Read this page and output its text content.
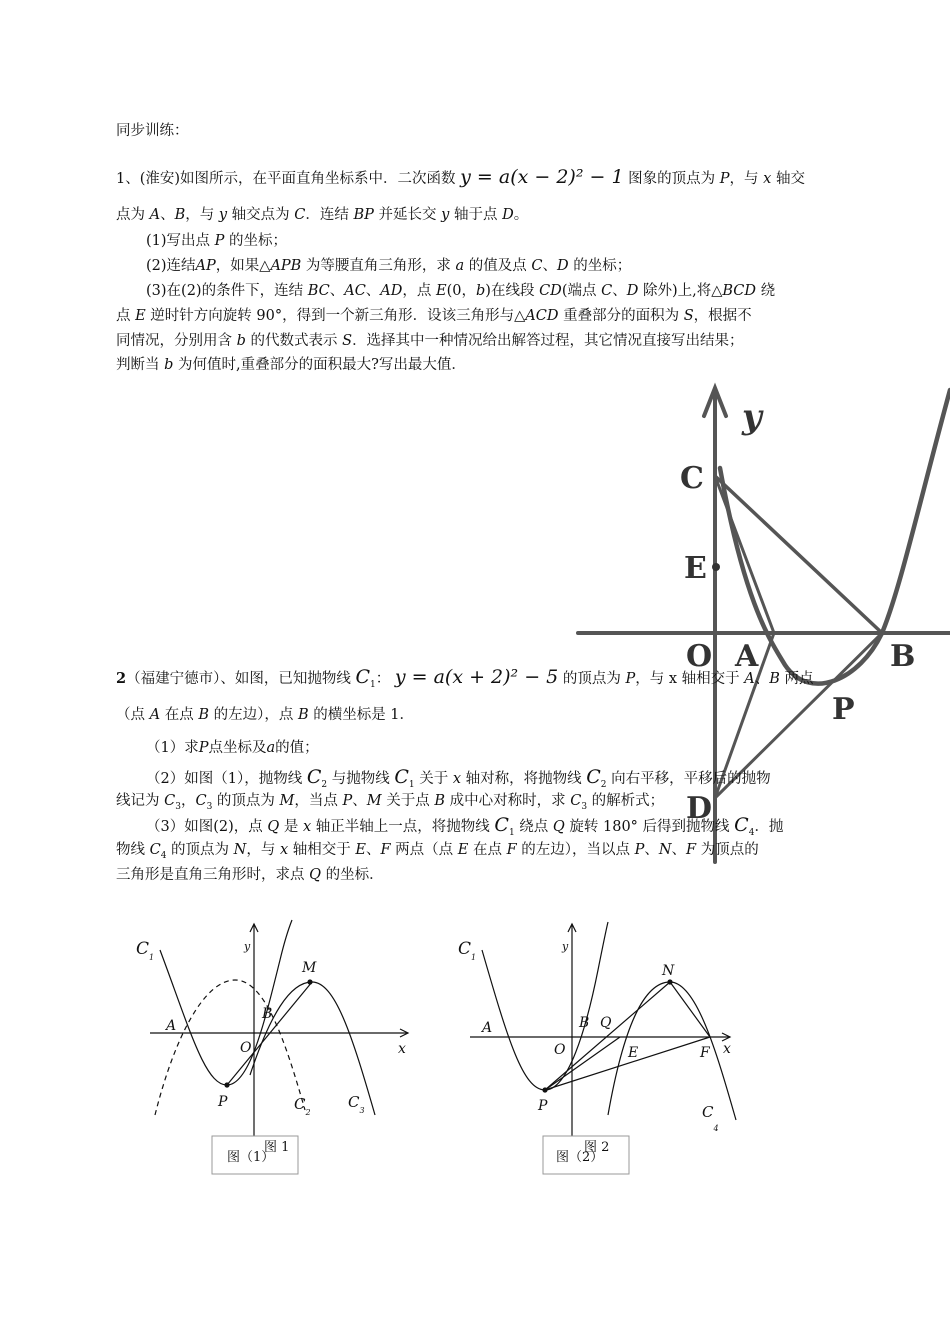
同步训练：
1、(淮安)如图所示，在平面直角坐标系中．二次函数 y = a(x − 2)² − 1 图象的顶点为 P，与 x 轴交
点为 A、B，与 y 轴交点为 C．连结 BP 并延长交 y 轴于点 D。
(1)写出点 P 的坐标；
(2)连结AP，如果△APB 为等腰直角三角形，求 a 的值及点 C、D 的坐标；
(3)在(2)的条件下，连结 BC、AC、AD，点 E(0，b)在线段 CD(端点 C、D 除外)上,将△BCD 绕
点 E 逆时针方向旋转 90°，得到一个新三角形．设该三角形与△ACD 重叠部分的面积为 S，根据不
同情况，分别用含 b 的代数式表示 S．选择其中一种情况给出解答过程，其它情况直接写出结果；
判断当 b 为何值时,重叠部分的面积最大?写出最大值．
y
C
E
O A	B
P
D
2（福建宁德市）、如图，已知抛物线 $C_1$： y = a(x + 2)² − 5 的顶点为 P，与 x 轴相交于 A、B 两点
（点 A 在点 B 的左边），点 B 的横坐标是 1．
（1）求P点坐标及a的值；
（2）如图（1），抛物线 $C_2$ 与抛物线 $C_1$ 关于 x 轴对称，将抛物线 $C_2$ 向右平移，平移后的抛物
线记为 $C_3$，$C_3$ 的顶点为 M，当点 P、M 关于点 B 成中心对称时，求 $C_3$ 的解析式；
（3）如图(2)，点 Q 是 x 轴正半轴上一点，将抛物线 $C_1$ 绕点 Q 旋转 180° 后得到抛物线 $C_4$．抛
物线 $C_4$ 的顶点为 N，与 x 轴相交于 E、F 两点（点 E 在点 F 的左边），当以点 P、N、F 为顶点的
三角形是直角三角形时，求点 Q 的坐标．
$C_1$
y
M
A
B
O	x
P	$C_2$
$C_3$
图 1
图（1）
$C_1$
y
N
A	B Q
O	E	F x
P	$C_4$
图 2
图（2）
